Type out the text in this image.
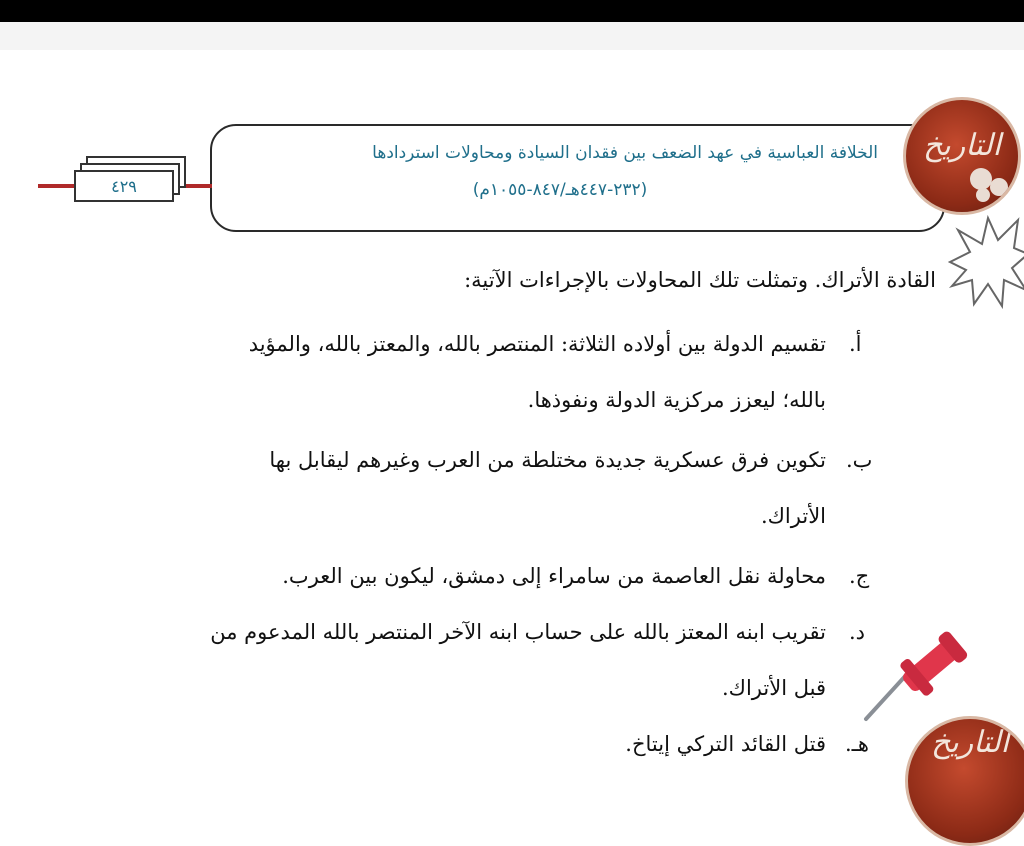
الخلافة العباسية في عهد الضعف بين فقدان السيادة ومحاولات استردادها
(٢٣٢-٤٤٧هـ/٨٤٧-١٠٥٥م)
٤٢٩
التاريخ
القادة الأتراك. وتمثلت تلك المحاولات بالإجراءات الآتية:
أ.
تقسيم الدولة بين أولاده الثلاثة: المنتصر بالله، والمعتز بالله، والمؤيد
بالله؛ ليعزز مركزية الدولة ونفوذها.
ب.
تكوين فرق عسكرية جديدة مختلطة من العرب وغيرهم ليقابل بها
الأتراك.
ج.
محاولة نقل العاصمة من سامراء إلى دمشق، ليكون بين العرب.
د.
تقريب ابنه المعتز بالله على حساب ابنه الآخر المنتصر بالله المدعوم من
قبل الأتراك.
هـ.
قتل القائد التركي إيتاخ.	التاريخ
